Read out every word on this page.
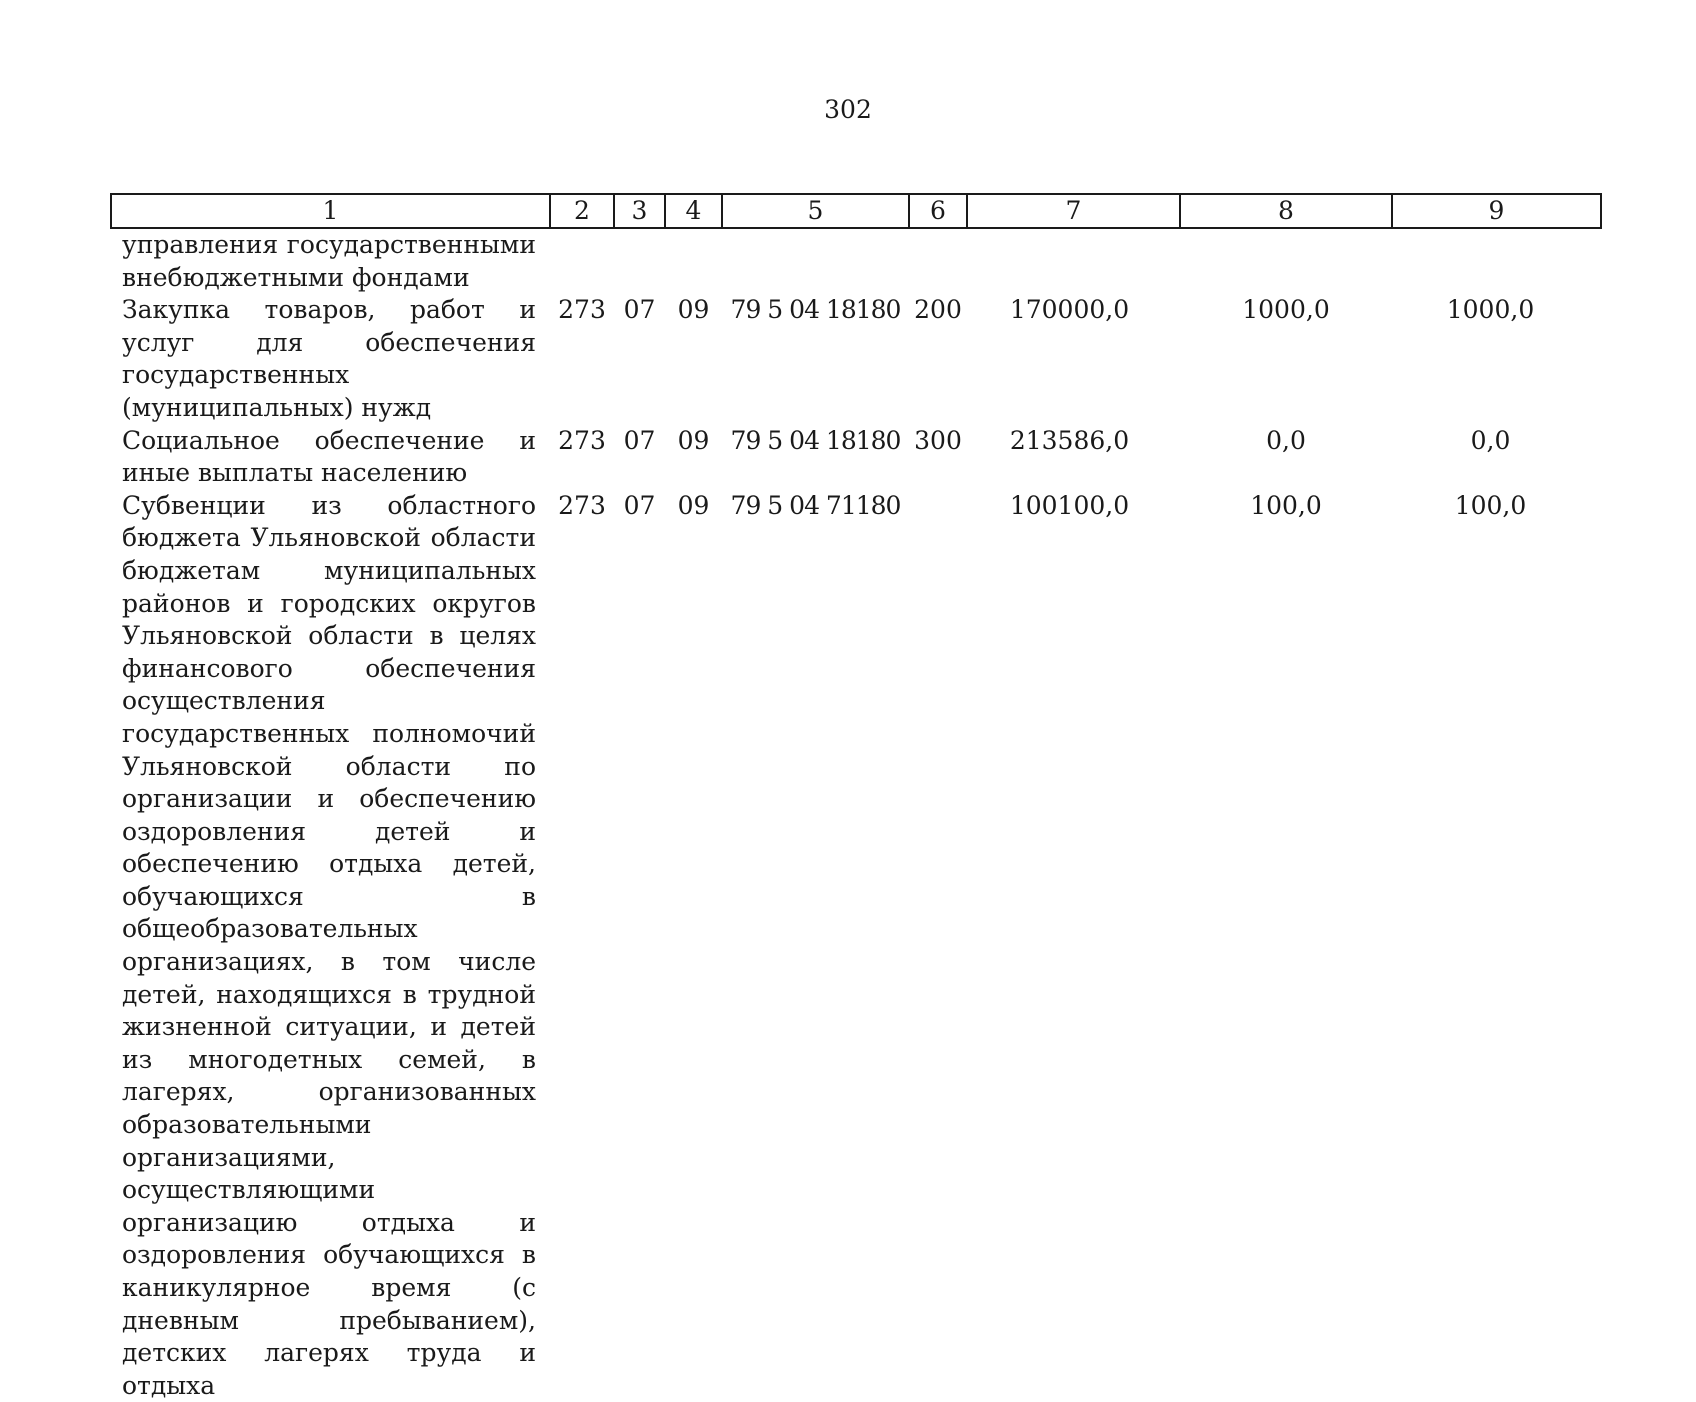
302
1	2	3	4	5	6	7	8	9
управления государственными внебюджетными фондами								
Закупка товаров, работ и услуг для обеспечения государственных (муниципальных) нужд	273	07	09	79 5 04 18180	200	170000,0	1000,0	1000,0
Социальное обеспечение и иные выплаты населению	273	07	09	79 5 04 18180	300	213586,0	0,0	0,0
Субвенции из областного бюджета Ульяновской области бюджетам муниципальных районов и городских округов Ульяновской области в целях финансового обеспечения осуществления государственных полномочий Ульяновской области по организации и обеспечению оздоровления детей и обеспечению отдыха детей, обучающихся в общеобразовательных организациях, в том числе детей, находящихся в трудной жизненной ситуации, и детей из многодетных семей, в лагерях, организованных образовательными организациями, осуществляющими организацию отдыха и оздоровления обучающихся в каникулярное время (с дневным пребыванием), детских лагерях труда и отдыха	273	07	09	79 5 04 71180		100100,0	100,0	100,0
